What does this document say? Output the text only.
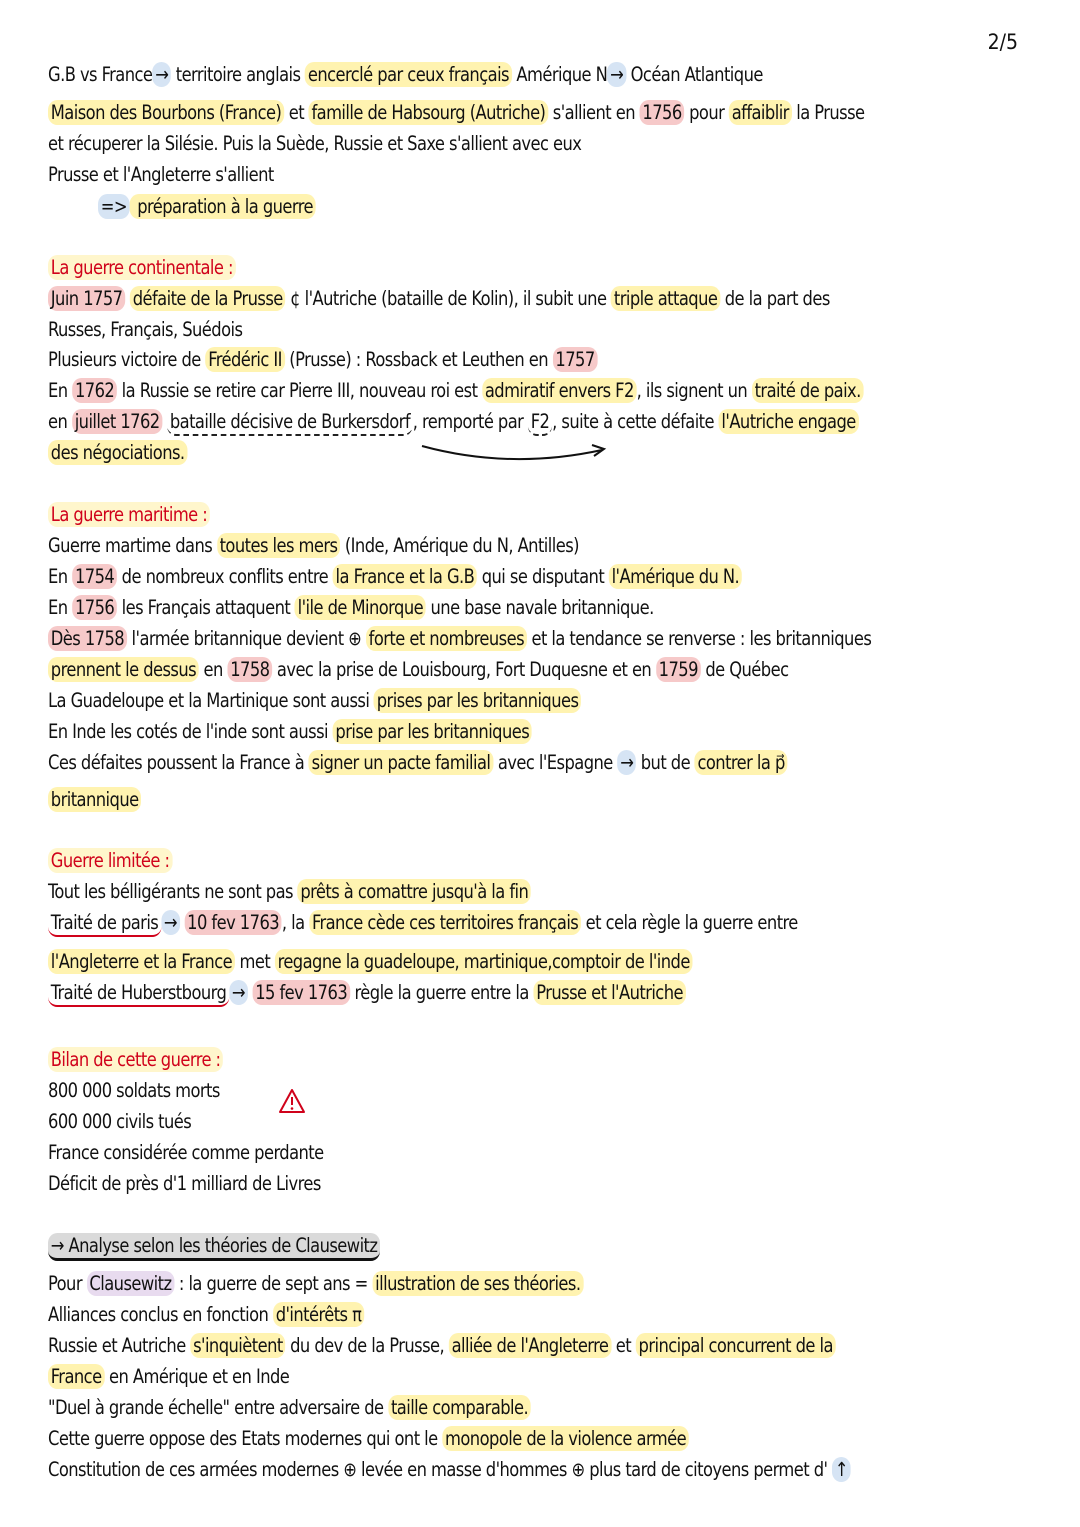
2/5
G.B vs France → territoire anglais encerclé par ceux français Amérique N → Océan Atlantique
Maison des Bourbons (France) et famille de Habsourg (Autriche) s'allient en 1756 pour affaiblir la Prusse
et récuperer la Silésie. Puis la Suède, Russie et Saxe s'allient avec eux
Prusse et l'Angleterre s'allient
=> préparation à la guerre
La guerre continentale :
Juin 1757 défaite de la Prusse ¢ l'Autriche (bataille de Kolin), il subit une triple attaque de la part des
Russes, Français, Suédois
Plusieurs victoire de Frédéric II (Prusse) : Rossback et Leuthen en 1757
En 1762 la Russie se retire car Pierre III, nouveau roi est admiratif envers F2 , ils signent un traité de paix.
en juillet 1762 bataille décisive de Burkersdorf , remporté par F2 , suite à cette défaite l'Autriche engage
des négociations.
La guerre maritime :
Guerre martime dans toutes les mers (Inde, Amérique du N, Antilles)
En 1754 de nombreux conflits entre la France et la G.B qui se disputant l'Amérique du N.
En 1756 les Français attaquent l'ile de Minorque une base navale britannique.
Dès 1758 l'armée britannique devient ⊕ forte et nombreuses et la tendance se renverse : les britanniques
prennent le dessus en 1758 avec la prise de Louisbourg, Fort Duquesne et en 1759 de Québec
La Guadeloupe et la Martinique sont aussi prises par les britanniques
En Inde les cotés de l'inde sont aussi prise par les britanniques
Ces défaites poussent la France à signer un pacte familial avec l'Espagne → but de contrer la p⃗
britannique
Guerre limitée :
Tout les bélligérants ne sont pas prêts à comattre jusqu'à la fin
Traité de paris → 10 fev 1763 , la France cède ces territoires français et cela règle la guerre entre
l'Angleterre et la France met regagne la guadeloupe, martinique,comptoir de l'inde
Traité de Huberstbourg → 15 fev 1763 règle la guerre entre la Prusse et l'Autriche
Bilan de cette guerre :
800 000 soldats morts
600 000 civils tués
France considérée comme perdante
Déficit de près d'1 milliard de Livres
→ Analyse selon les théories de Clausewitz
Pour Clausewitz : la guerre de sept ans = illustration de ses théories.
Alliances conclus en fonction d'intérêts π
Russie et Autriche s'inquiètent du dev de la Prusse, alliée de l'Angleterre et principal concurrent de la
France en Amérique et en Inde
"Duel à grande échelle" entre adversaire de taille comparable.
Cette guerre oppose des Etats modernes qui ont le monopole de la violence armée
Constitution de ces armées modernes ⊕ levée en masse d'hommes ⊕ plus tard de citoyens permet d' ↑
